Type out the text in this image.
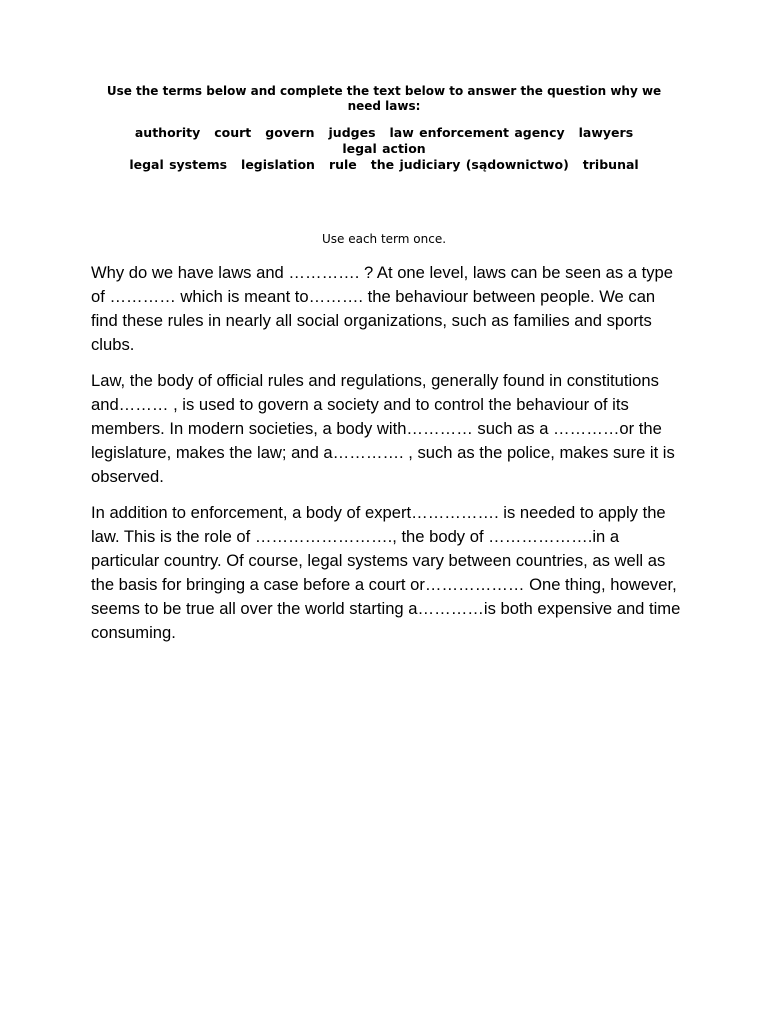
Use the terms below and complete the text below to answer the question why we need laws:
authority court govern judges law enforcement agency lawyerslegal action
legal systems legislation rule the judiciary (sądownictwo) tribunal
Use each term once.

Why do we have laws and …………. ? At one level, laws can be seen as a type of ………… which is meant to………. the behaviour between people. We can find these rules in nearly all social organizations, such as families and sports clubs.

Law, the body of official rules and regulations, generally found in constitutions and……… , is used to govern a society and to control the behaviour of its members. In modern societies, a body with………… such as a …………or the legislature, makes the law; and a…………. , such as the police, makes sure it is observed.

In addition to enforcement, a body of expert……………. is needed to apply the law. This is the role of ……………………., the body of ……………….in a particular country. Of course, legal systems vary between countries, as well as the basis for bringing a case before a court or……………… One thing, however, seems to be true all over the world starting a…………is both expensive and time consuming.
